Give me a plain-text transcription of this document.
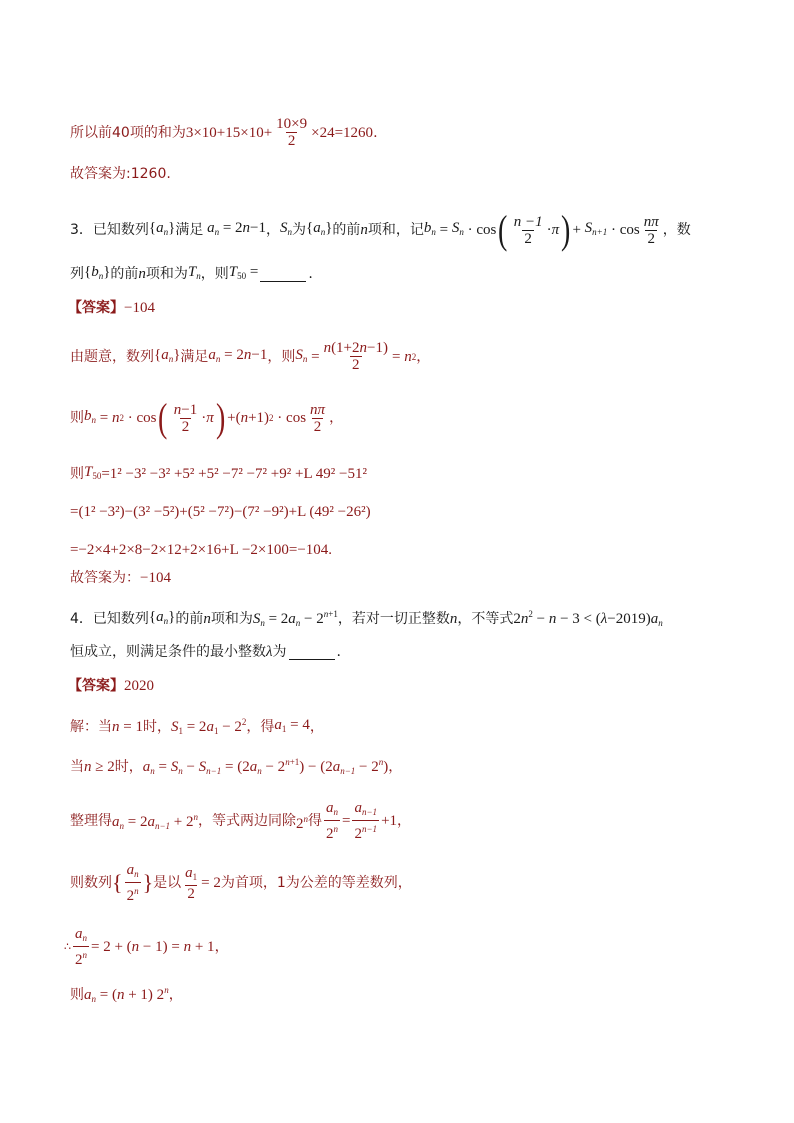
所以前40项的和为 $3\times 10+15\times 10+ \frac{10\times 9}{2} \times 24=1260$ .
故答案为:1260.
3．已知数列 $\{a_n\}$ 满足 $a_n = 2n-1$ ， $S_n$ 为 $\{a_n\}$ 的前 n 项和，记 $b_n = S_n \cdot \cos$ ( $\frac{n -1}{2} \cdot \pi$ ) + $S_{n+1} \cdot \cos \frac{n\pi}{2}$ ，数
列 $\{b_n\}$ 的前 n 项和为 $T_n$ ，则 $T_{50}$ =	.
【答案】 −104
由题意，数列 $\{a_n\}$ 满足 $a_n = 2n-1$ ，则 $S_n = \frac{n(1+2n-1)}{2} = n$ 2 ，
则 $b_n = n$ 2 · cos ( $\frac{n-1}{2} \cdot \pi$ ) +( n +1) $2 \cdot \cos \frac{n\pi}{2}$ ，
则 $T_{50} =1^2 -3^2 -3^2 +5^2 +5^2 -7^2 -7^2 +9^2 +L$ 49² −51²
=(1² −3²)−(3² −5²)+(5² −7²)−(7² −9²)+L (49² −26²)
=−2×4+2×8−2×12+2×16+L −2×100=−104.
故答案为： −104
4．已知数列 $\{a_n\}$ 的前 n 项和为 $S_n = 2a_n - 2^{n+1}$ ，若对一切正整数 n ，不等式 $2n^2 - n - 3 < (\lambda-2019)a_n$
恒成立，则满足条件的最小整数 λ 为	.
【答案】 2020
解：当 n = 1 时， $S_1 = 2a_1 - 2^2$ ，得 $a_1 = 4$ ，
当 n ≥ 2 时， $a_n = S_n - S_{n-1} = (2a_n - 2^{n+1}) - (2a_{n-1} - 2^n)$ ，
整理得 $a_n = 2a_{n-1} + 2^n$ ，等式两边同除 2$^n$ 得 $\frac{a_n}{2^n} = \frac{a_{n-1}}{2^{n-1}} +1$ ，
则数列 { $\frac{a_n}{2^n}$ } 是以 $\frac{a_1}{2} = 2$ 为首项，1为公差的等差数列，
∴ $\frac{a_n}{2^n} = 2$ + ( n − 1) = n + 1 ，
则 $a_n = (n + 1)$ 2$^n$ ，
